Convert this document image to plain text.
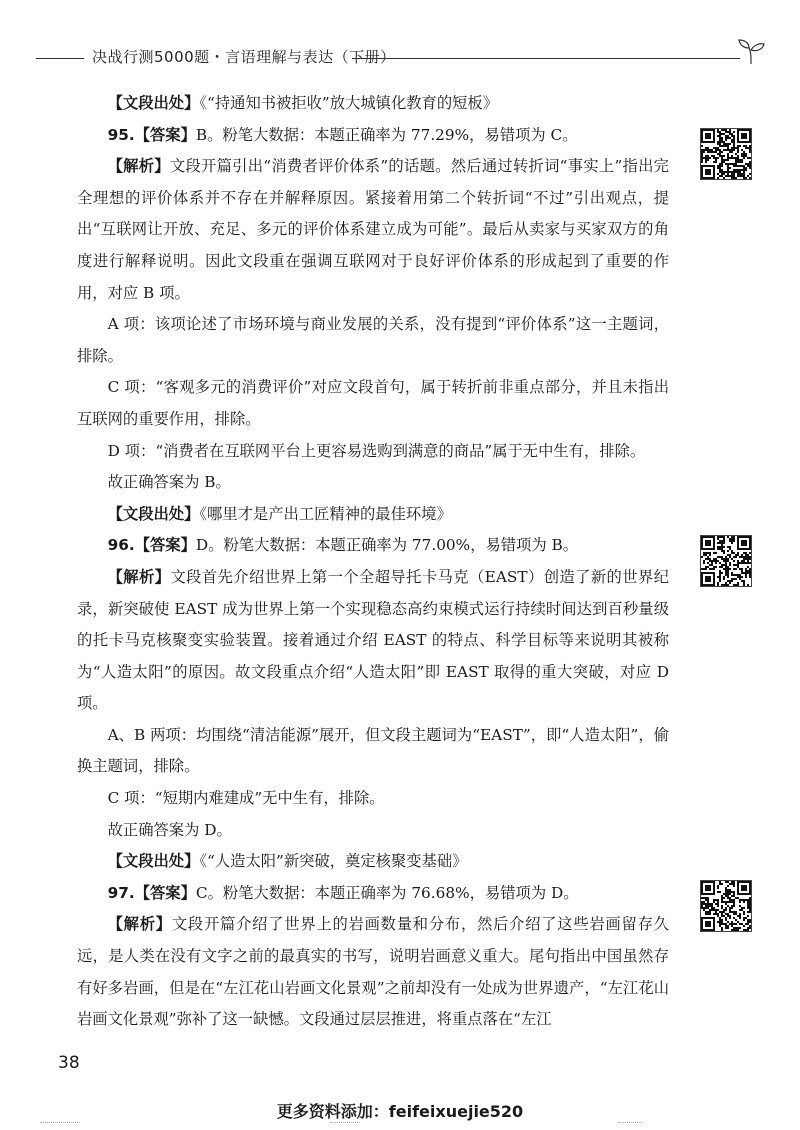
决战行测5000题・言语理解与表达（下册）

【文段出处】《“持通知书被拒收”放大城镇化教育的短板》

95.【答案】B。粉笔大数据：本题正确率为 77.29%，易错项为 C。

【解析】文段开篇引出“消费者评价体系”的话题。然后通过转折词“事实上”指出完全理想的评价体系并不存在并解释原因。紧接着用第二个转折词“不过”引出观点，提出“互联网让开放、充足、多元的评价体系建立成为可能”。最后从卖家与买家双方的角度进行解释说明。因此文段重在强调互联网对于良好评价体系的形成起到了重要的作用，对应 B 项。

A 项：该项论述了市场环境与商业发展的关系，没有提到“评价体系”这一主题词，排除。

C 项：“客观多元的消费评价”对应文段首句，属于转折前非重点部分，并且未指出互联网的重要作用，排除。

D 项：“消费者在互联网平台上更容易选购到满意的商品”属于无中生有，排除。

故正确答案为 B。

【文段出处】《哪里才是产出工匠精神的最佳环境》

96.【答案】D。粉笔大数据：本题正确率为 77.00%，易错项为 B。

【解析】文段首先介绍世界上第一个全超导托卡马克（EAST）创造了新的世界纪录，新突破使 EAST 成为世界上第一个实现稳态高约束模式运行持续时间达到百秒量级的托卡马克核聚变实验装置。接着通过介绍 EAST 的特点、科学目标等来说明其被称为“人造太阳”的原因。故文段重点介绍“人造太阳”即 EAST 取得的重大突破，对应 D 项。

A、B 两项：均围绕“清洁能源”展开，但文段主题词为“EAST”，即“人造太阳”，偷换主题词，排除。

C 项：“短期内难建成”无中生有，排除。

故正确答案为 D。

【文段出处】《“人造太阳”新突破，奠定核聚变基础》

97.【答案】C。粉笔大数据：本题正确率为 76.68%，易错项为 D。

【解析】文段开篇介绍了世界上的岩画数量和分布，然后介绍了这些岩画留存久远，是人类在没有文字之前的最真实的书写，说明岩画意义重大。尾句指出中国虽然存有好多岩画，但是在“左江花山岩画文化景观”之前却没有一处成为世界遗产，“左江花山岩画文化景观”弥补了这一缺憾。文段通过层层推进，将重点落在“左江

38
更多资料添加：feifeixuejie520
